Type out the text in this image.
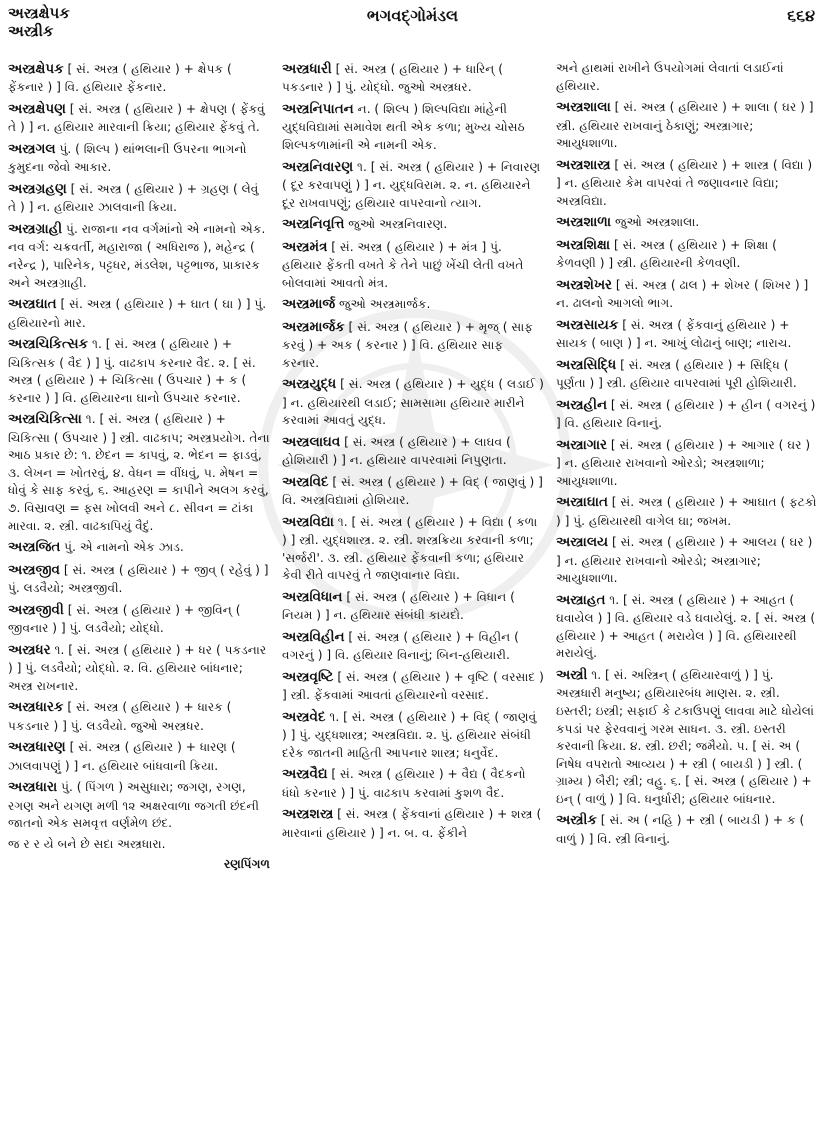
અસ્ત્રક્ષેપક
અસ્ત્રીક
ભગવદ્ગોમંડલ	૬૬૪
અસ્ત્રક્ષેપક [ સં. અસ્ત્ર ( હથિયાર ) + ક્ષેપક ( ફેંકનાર ) ] વિ. હથિયાર ફેંકનાર.
અસ્ત્રક્ષેપણ [ સં. અસ્ત્ર ( હથિયાર ) + ક્ષેપણ ( ફેંકવું તે ) ] ન. હથિયાર મારવાની ક્રિયા; હથિયાર ફેંકવું તે.
અસ્ત્રગલ પું. ( શિલ્પ ) થાંભલાની ઉપરના ભાગનો કુમુદના જેવો આકાર.
અસ્ત્રગ્રહણ [ સં. અસ્ત્ર ( હથિયાર ) + ગ્રહણ ( લેવું તે ) ] ન. હથિયાર ઝાલવાની ક્રિયા.
અસ્ત્રગ્રાહી પું. રાજાના નવ વર્ગમાંનો એ નામનો એક. નવ વર્ગ: ચક્રવર્તી, મહારાજા ( અધિરાજ ), મહેન્દ્ર ( નરેન્દ્ર ), પારિનેક, પટ્ટધર, મંડલેશ, પટ્ટભાજ, પ્રાકારક અને અસ્ત્રગ્રાહી.
અસ્ત્રઘાત [ સં. અસ્ત્ર ( હથિયાર ) + ઘાત ( ઘા ) ] પું. હથિયારનો માર.
અસ્ત્રચિકિત્સક ૧. [ સં. અસ્ત્ર ( હથિયાર ) + ચિકિત્સક ( વૈદ ) ] પું. વાઢકાપ કરનાર વૈદ. ૨. [ સં. અસ્ત્ર ( હથિયાર ) + ચિકિત્સા ( ઉપચાર ) + ક ( કરનાર ) ] વિ. હથિયારના ઘાનો ઉપચાર કરનાર.
અસ્ત્રચિકિત્સા ૧. [ સં. અસ્ત્ર ( હથિયાર ) + ચિકિત્સા ( ઉપચાર ) ] સ્ત્રી. વાઢકાપ; અસ્ત્રપ્રયોગ. તેના આઠ પ્રકાર છે: ૧. છેદન = કાપવું, ૨. ભેદન = ફાડવું, ૩. લેખન = ખોતરવું, ૪. વેધન = વીંધવું, ૫. મેષન = ધોવું કે સાફ કરવું, ૬. આહરણ = કાપીને અલગ કરવું, ૭. વિસ્રાવણ = ફસ ખોલવી અને ૮. સીવન = ટાંકા મારવા. ૨. સ્ત્રી. વાઢકાપિયું વૈદું.
અસ્ત્રજિત પું. એ નામનો એક ઝાડ.
અસ્ત્રજીવ [ સં. અસ્ત્ર ( હથિયાર ) + જીવ્ ( રહેવું ) ] પું. લડવૈયો; અસ્ત્રજીવી.
અસ્ત્રજીવી [ સં. અસ્ત્ર ( હથિયાર ) + જીવિન્ ( જીવનાર ) ] પું. લડવૈયો; યોદ્ધો.
અસ્ત્રધર ૧. [ સં. અસ્ત્ર ( હથિયાર ) + ધર ( પકડનાર ) ] પું. લડવૈયો; યોદ્ધો. ૨. વિ. હથિયાર બાંધનાર; અસ્ત્ર રાખનાર.
અસ્ત્રધારક [ સં. અસ્ત્ર ( હથિયાર ) + ધારક ( પકડનાર ) ] પું. લડવૈયો. જુઓ અસ્ત્રધર.
અસ્ત્રધારણ [ સં. અસ્ત્ર ( હથિયાર ) + ધારણ ( ઝાલવાપણું ) ] ન. હથિયાર બાંધવાની ક્રિયા.
અસ્ત્રધારા પું. ( પિંગળ ) અસુધારા; જગણ, રગણ, રગણ અને યગણ મળી ૧૨ અક્ષરવાળા જગતી છંદની જાતનો એક સમવૃત્ત વર્ણમેળ છંદ.
જ ર ર યે બને છે સદા અસ્ત્રધારા.
રણપિંગળ
અસ્ત્રધારી [ સં. અસ્ત્ર ( હથિયાર ) + ધારિન્ ( પકડનાર ) ] પું. યોદ્ધો. જુઓ અસ્ત્રધર.
અસ્ત્રનિપાતન ન. ( શિલ્પ ) શિલ્પવિદ્યા માંહેની યુદ્ધવિદ્યામાં સમાવેશ થતી એક કળા; મુખ્ય ચોસઠ શિલ્પકળામાંની એ નામની એક.
અસ્ત્રનિવારણ ૧. [ સં. અસ્ત્ર ( હથિયાર ) + નિવારણ ( દૂર કરવાપણું ) ] ન. યુદ્ધવિરામ. ૨. ન. હથિયારને દૂર રાખવાપણું; હથિયાર વાપરવાનો ત્યાગ.
અસ્ત્રનિવૃત્તિ જુઓ અસ્ત્રનિવારણ.
અસ્ત્રમંત્ર [ સં. અસ્ત્ર ( હથિયાર ) + મંત્ર ] પું. હથિયાર ફેંકતી વખતે કે તેને પાછું ખેંચી લેતી વખતે બોલવામાં આવતો મંત્ર.
અસ્ત્રમાર્જ જુઓ અસ્ત્રમાર્જક.
અસ્ત્રમાર્જક [ સં. અસ્ત્ર ( હથિયાર ) + મૃજ્ ( સાફ કરવું ) + અક ( કરનાર ) ] વિ. હથિયાર સાફ કરનાર.
અસ્ત્રયુદ્ધ [ સં. અસ્ત્ર ( હથિયાર ) + યુદ્ધ ( લડાઈ ) ] ન. હથિયારથી લડાઈ; સામસામા હથિયાર મારીને કરવામાં આવતું યુદ્ધ.
અસ્ત્રલાઘવ [ સં. અસ્ત્ર ( હથિયાર ) + લાઘવ ( હોશિયારી ) ] ન. હથિયાર વાપરવામાં નિપુણતા.
અસ્ત્રવિદ [ સં. અસ્ત્ર ( હથિયાર ) + વિદ્ ( જાણવું ) ] વિ. અસ્ત્રવિદ્યામાં હોશિયાર.
અસ્ત્રવિદ્યા ૧. [ સં. અસ્ત્ર ( હથિયાર ) + વિદ્યા ( કળા ) ] સ્ત્રી. યુદ્ધશાસ્ત્ર. ૨. સ્ત્રી. શસ્ત્રક્રિયા કરવાની કળા; 'સર્જરી'. ૩. સ્ત્રી. હથિયાર ફેંકવાની કળા; હથિયાર કેવી રીતે વાપરવું તે જાણવાનાર વિદ્યા.
અસ્ત્રવિધાન [ સં. અસ્ત્ર ( હથિયાર ) + વિધાન ( નિયમ ) ] ન. હથિયાર સંબંધી કાયદો.
અસ્ત્રવિહીન [ સં. અસ્ત્ર ( હથિયાર ) + વિહીન ( વગરનું ) ] વિ. હથિયાર વિનાનું; બિન-હથિયારી.
અસ્ત્રવૃષ્ટિ [ સં. અસ્ત્ર ( હથિયાર ) + વૃષ્ટિ ( વરસાદ ) ] સ્ત્રી. ફેંકવામાં આવતાં હથિયારનો વરસાદ.
અસ્ત્રવેદ ૧. [ સં. અસ્ત્ર ( હથિયાર ) + વિદ્ ( જાણવું ) ] પું. યુદ્ધશાસ્ત્ર; અસ્ત્રવિદ્યા. ૨. પું. હથિયાર સંબંધી દરેક જાતની માહિતી આપનાર શાસ્ત્ર; ધનુર્વેદ.
અસ્ત્રવૈદ્ય [ સં. અસ્ત્ર ( હથિયાર ) + વૈદ્ય ( વૈદકનો ધંધો કરનાર ) ] પું. વાઢકાપ કરવામાં કુશળ વૈદ.
અસ્ત્રશસ્ત્ર [ સં. અસ્ત્ર ( ફેંકવાનાં હથિયાર ) + શસ્ત્ર ( મારવાનાં હથિયાર ) ] ન. બ. વ. ફેંકીને
અને હાથમાં રાખીને ઉપયોગમાં લેવાતાં લડાઈનાં હથિયાર.
અસ્ત્રશાલા [ સં. અસ્ત્ર ( હથિયાર ) + શાલા ( ઘર ) ] સ્ત્રી. હથિયાર રાખવાનું ઠેકાણું; અસ્ત્રાગાર; આયુધશાળા.
અસ્ત્રશાસ્ત્ર [ સં. અસ્ત્ર ( હથિયાર ) + શાસ્ત્ર ( વિદ્યા ) ] ન. હથિયાર કેમ વાપરવાં તે જણાવનાર વિદ્યા; અસ્ત્રવિદ્યા.
અસ્ત્રશાળા જુઓ અસ્ત્રશાલા.
અસ્ત્રશિક્ષા [ સં. અસ્ત્ર ( હથિયાર ) + શિક્ષા ( કેળવણી ) ] સ્ત્રી. હથિયારની કેળવણી.
અસ્ત્રશેખર [ સં. અસ્ત્ર ( ઢાલ ) + શેખર ( શિખર ) ] ન. ઢાલનો આગલો ભાગ.
અસ્ત્રસાયક [ સં. અસ્ત્ર ( ફેંકવાનું હથિયાર ) + સાયક ( બાણ ) ] ન. આખું લોઢાનું બાણ; નારાચ.
અસ્ત્રસિદ્ધિ [ સં. અસ્ત્ર ( હથિયાર ) + સિદ્ધિ ( પૂર્ણતા ) ] સ્ત્રી. હથિયાર વાપરવામાં પૂરી હોશિયારી.
અસ્ત્રહીન [ સં. અસ્ત્ર ( હથિયાર ) + હીન ( વગરનું ) ] વિ. હથિયાર વિનાનું.
અસ્ત્રાગાર [ સં. અસ્ત્ર ( હથિયાર ) + આગાર ( ઘર ) ] ન. હથિયાર રાખવાનો ઓરડો; અસ્ત્રશાળા; આયુધશાળા.
અસ્ત્રાઘાત [ સં. અસ્ત્ર ( હથિયાર ) + આઘાત ( ફટકો ) ] પું. હથિયારથી વાગેલ ઘા; જખમ.
અસ્ત્રાલય [ સં. અસ્ત્ર ( હથિયાર ) + આલય ( ઘર ) ] ન. હથિયાર રાખવાનો ઓરડો; અસ્ત્રાગાર; આયુધશાળા.
અસ્ત્રાહત ૧. [ સં. અસ્ત્ર ( હથિયાર ) + આહત ( ઘવાયેલ ) ] વિ. હથિયાર વડે ઘવાયેલું. ૨. [ સં. અસ્ત્ર ( હથિયાર ) + આહત ( મરાયેલ ) ] વિ. હથિયારથી મરાયેલું.
અસ્ત્રી ૧. [ સં. અસ્ત્રિન્ ( હથિયારવાળું ) ] પું. અસ્ત્રધારી મનુષ્ય; હથિયારબંધ માણસ. ૨. સ્ત્રી. ઇસ્તરી; ઇસ્ત્રી; સફાઈ કે ટકાઉપણું લાવવા માટે ધોયેલાં કપડાં પર ફેરવવાનું ગરમ સાધન. ૩. સ્ત્રી. ઇસ્તરી કરવાની ક્રિયા. ૪. સ્ત્રી. છરી; જમૈયો. ૫. [ સં. અ ( નિષેધ વપરાતો આવ્યય ) + સ્ત્રી ( બાયડી ) ] સ્ત્રી. ( ગ્રામ્ય ) બૈરી; સ્ત્રી; વહુ. ૬. [ સં. અસ્ત્ર ( હથિયાર ) + ઇન્ ( વાળું ) ] વિ. ધનુર્ધારી; હથિયાર બાંધનાર.
અસ્ત્રીક [ સં. અ ( નહિ ) + સ્ત્રી ( બાયડી ) + ક ( વાળું ) ] વિ. સ્ત્રી વિનાનું.
